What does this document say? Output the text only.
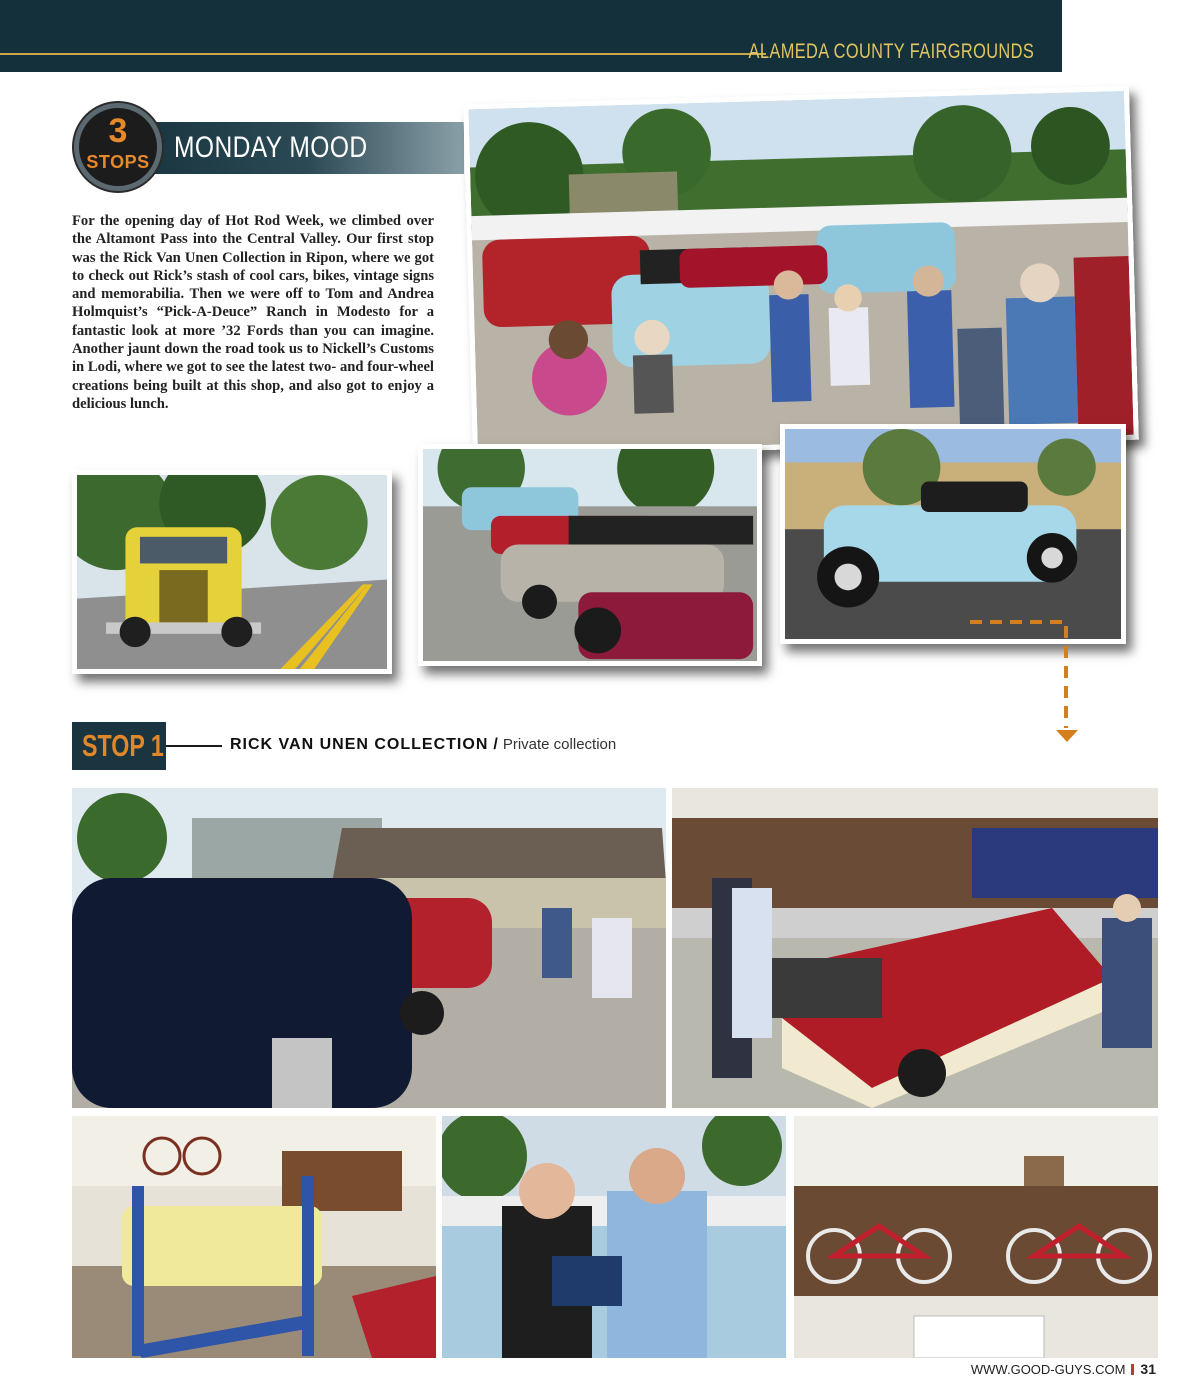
ALAMEDA COUNTY FAIRGROUNDS
MONDAY MOOD
3
STOPS

For the opening day of Hot Rod Week, we climbed over the Altamont Pass into the Central Valley. Our first stop was the Rick Van Unen Collection in Ripon, where we got to check out Rick’s stash of cool cars, bikes, vintage signs and memorabilia. Then we were off to Tom and Andrea Holmquist’s “Pick-A-Deuce” Ranch in Modesto for a fantastic look at more ’32 Fords than you can imagine. Another jaunt down the road took us to Nickell’s Customs in Lodi, where we got to see the latest two- and four-wheel creations being built at this shop, and also got to enjoy a delicious lunch.

STOP 1	RICK VAN UNEN COLLECTION / Private collection
WWW.GOOD-GUYS.COM 31
